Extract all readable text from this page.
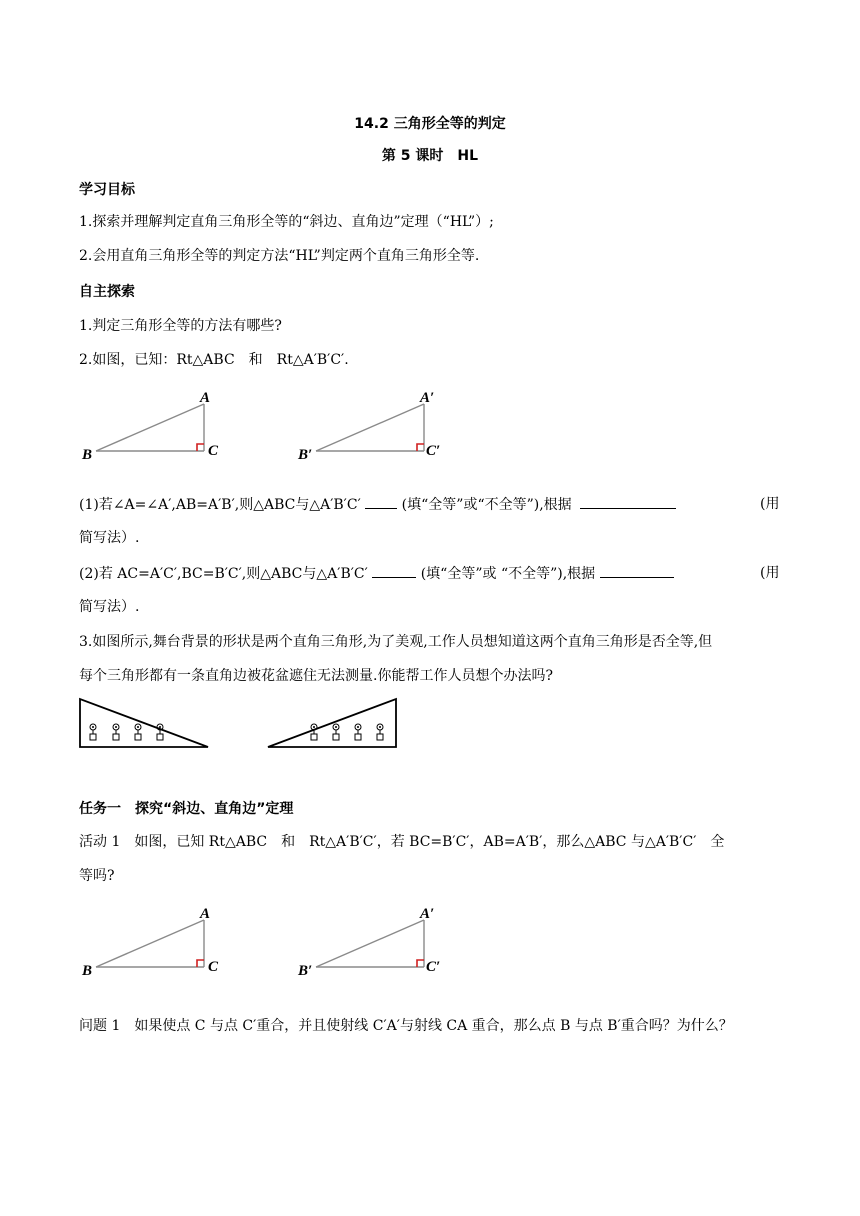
14.2 三角形全等的判定
第 5 课时　HL
学习目标
1.探索并理解判定直角三角形全等的“斜边、直角边”定理（“HL”）;
2.会用直角三角形全等的判定方法“HL”判定两个直角三角形全等.
自主探索
1.判定三角形全等的方法有哪些?
2.如图，已知：Rt△ABC　和　Rt△A′B′C′.
A
B	C
A′
B′	C′
(1)若∠A=∠A′,AB=A′B′,则△ABC与△A′B′C′	(填“全等”或“不全等”),根据	(用
简写法）.
(2)若 AC=A′C′,BC=B′C′,则△ABC与△A′B′C′	(填“全等”或 “不全等”),根据	(用
简写法）.
3.如图所示,舞台背景的形状是两个直角三角形,为了美观,工作人员想知道这两个直角三角形是否全等,但
每个三角形都有一条直角边被花盆遮住无法测量.你能帮工作人员想个办法吗?
任务一　探究“斜边、直角边”定理
活动 1　如图，已知 Rt△ABC　和　Rt△A′B′C′，若 BC=B′C′，AB=A′B′，那么△ABC 与△A′B′C′　全
等吗?
A
B	C
A′
B′	C′
问题 1　如果使点 C 与点 C′重合，并且使射线 C′A′与射线 CA 重合，那么点 B 与点 B′重合吗？为什么？
